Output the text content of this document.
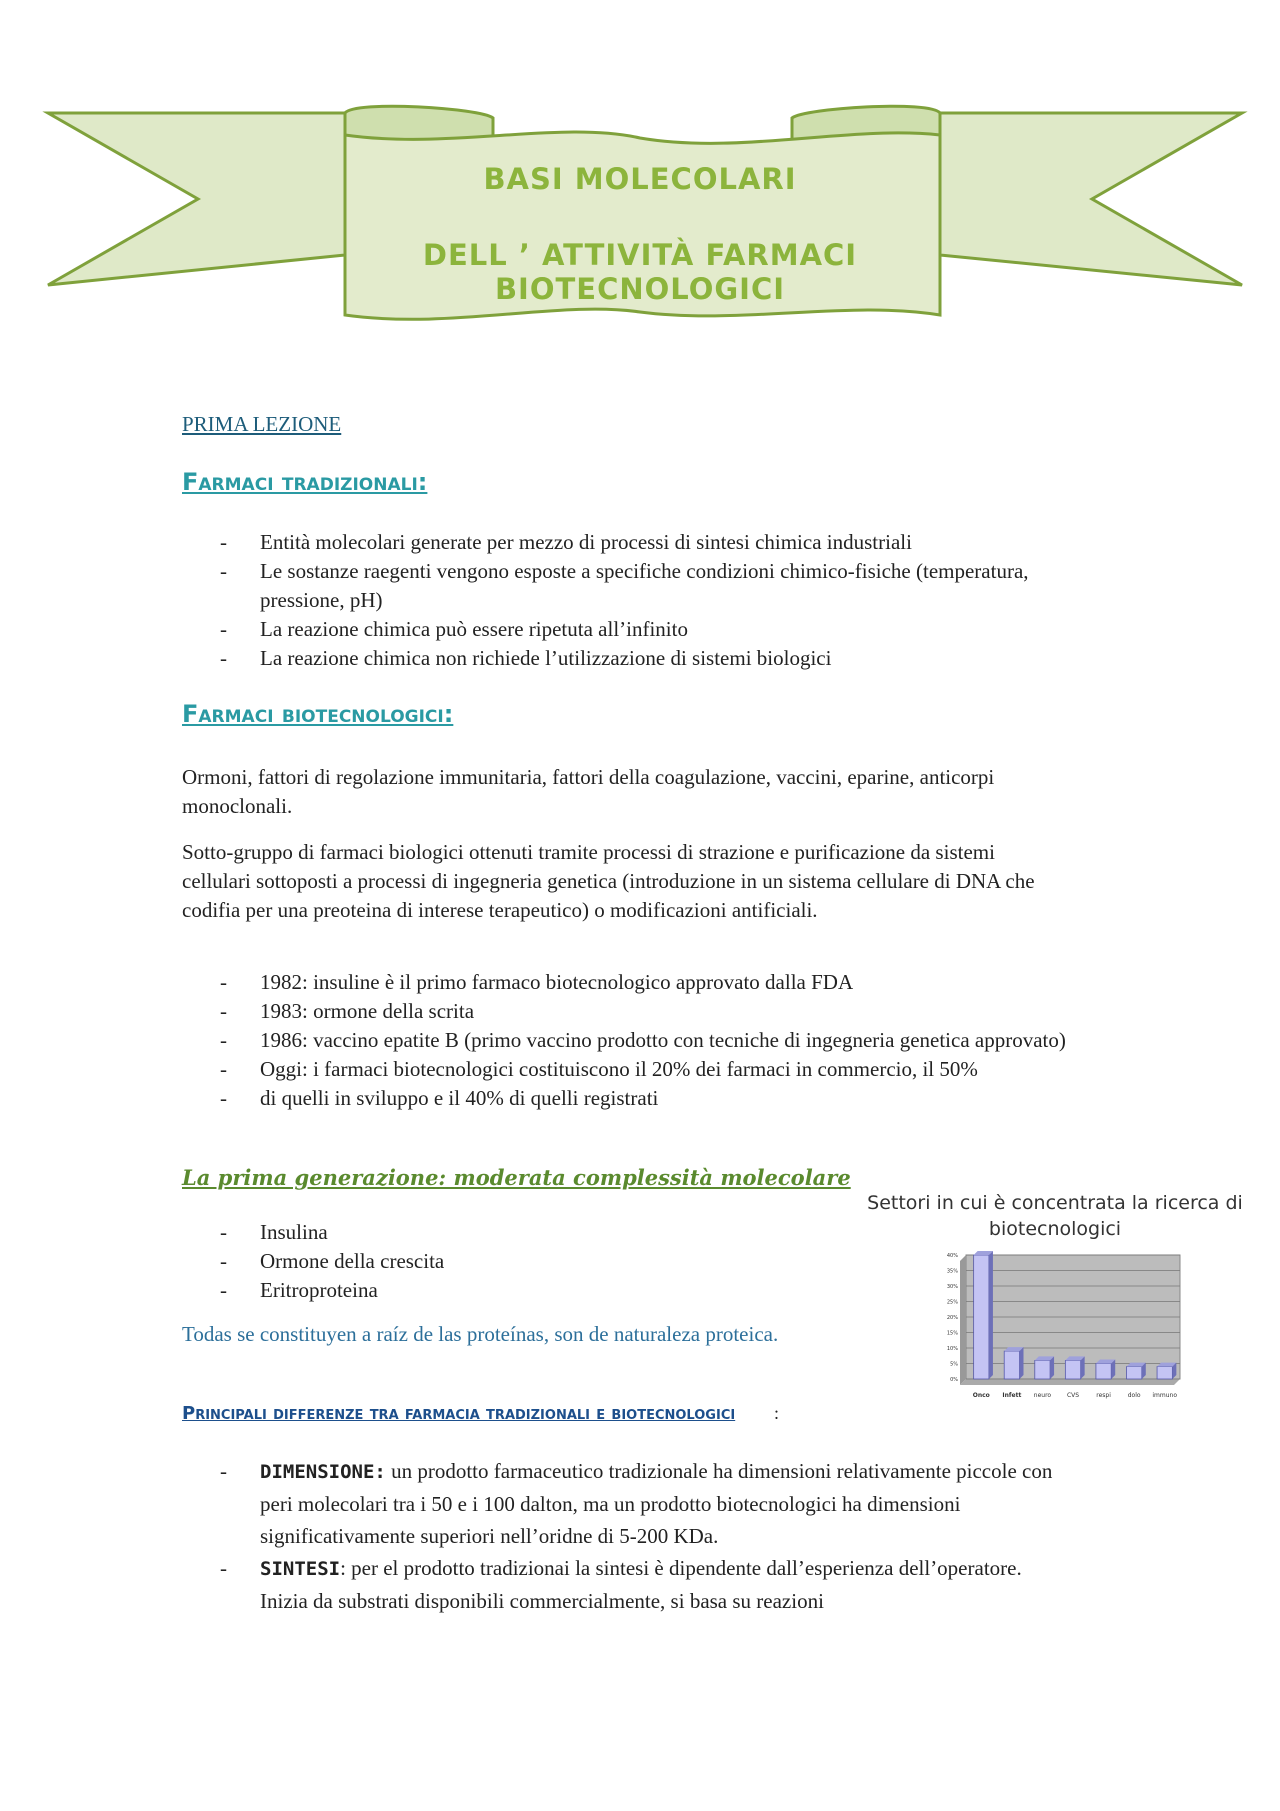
BASI MOLECOLARI
DELL ’ ATTIVITÀ FARMACI BIOTECNOLOGICI
PRIMA LEZIONE
Farmaci tradizionali:
- Entità molecolari generate per mezzo di processi di sintesi chimica industriali
- Le sostanze raegenti vengono esposte a specifiche condizioni chimico-fisiche (temperatura, pressione, pH)
- La reazione chimica può essere ripetuta all’infinito
- La reazione chimica non richiede l’utilizzazione di sistemi biologici
Farmaci biotecnologici:

Ormoni, fattori di regolazione immunitaria, fattori della coagulazione, vaccini, eparine, anticorpi monoclonali.

Sotto-gruppo di farmaci biologici ottenuti tramite processi di strazione e purificazione da sistemi cellulari sottoposti a processi di ingegneria genetica (introduzione in un sistema cellulare di DNA che codifia per una preoteina di interese terapeutico) o modificazioni antificiali.

- 1982: insuline è il primo farmaco biotecnologico approvato dalla FDA
- 1983: ormone della scrita
- 1986: vaccino epatite B (primo vaccino prodotto con tecniche di ingegneria genetica approvato)
- Oggi: i farmaci biotecnologici costituiscono il 20% dei farmaci in commercio, il 50%
- di quelli in sviluppo e il 40% di quelli registrati
La prima generazione: moderata complessità molecolare
- Insulina
- Ormone della crescita
- Eritroproteina

Todas se constituyen a raíz de las proteínas, son de naturaleza proteica.

Settori in cui è concentrata la ricerca di
biotecnologici
0%
5%
10%
15%
20%
25%
30%
35%
40%
Onco Infett neuro	CVS	respi	dolo immuno
Principali differenze tra farmacia tradizionali e biotecnologici :
- DIMENSIONE: un prodotto farmaceutico tradizionale ha dimensioni relativamente piccole con peri molecolari tra i 50 e i 100 dalton, ma un prodotto biotecnologici ha dimensioni significativamente superiori nell’oridne di 5-200 KDa.
- SINTESI: per el prodotto tradizionai la sintesi è dipendente dall’esperienza dell’operatore. Inizia da substrati disponibili commercialmente, si basa su reazioni
